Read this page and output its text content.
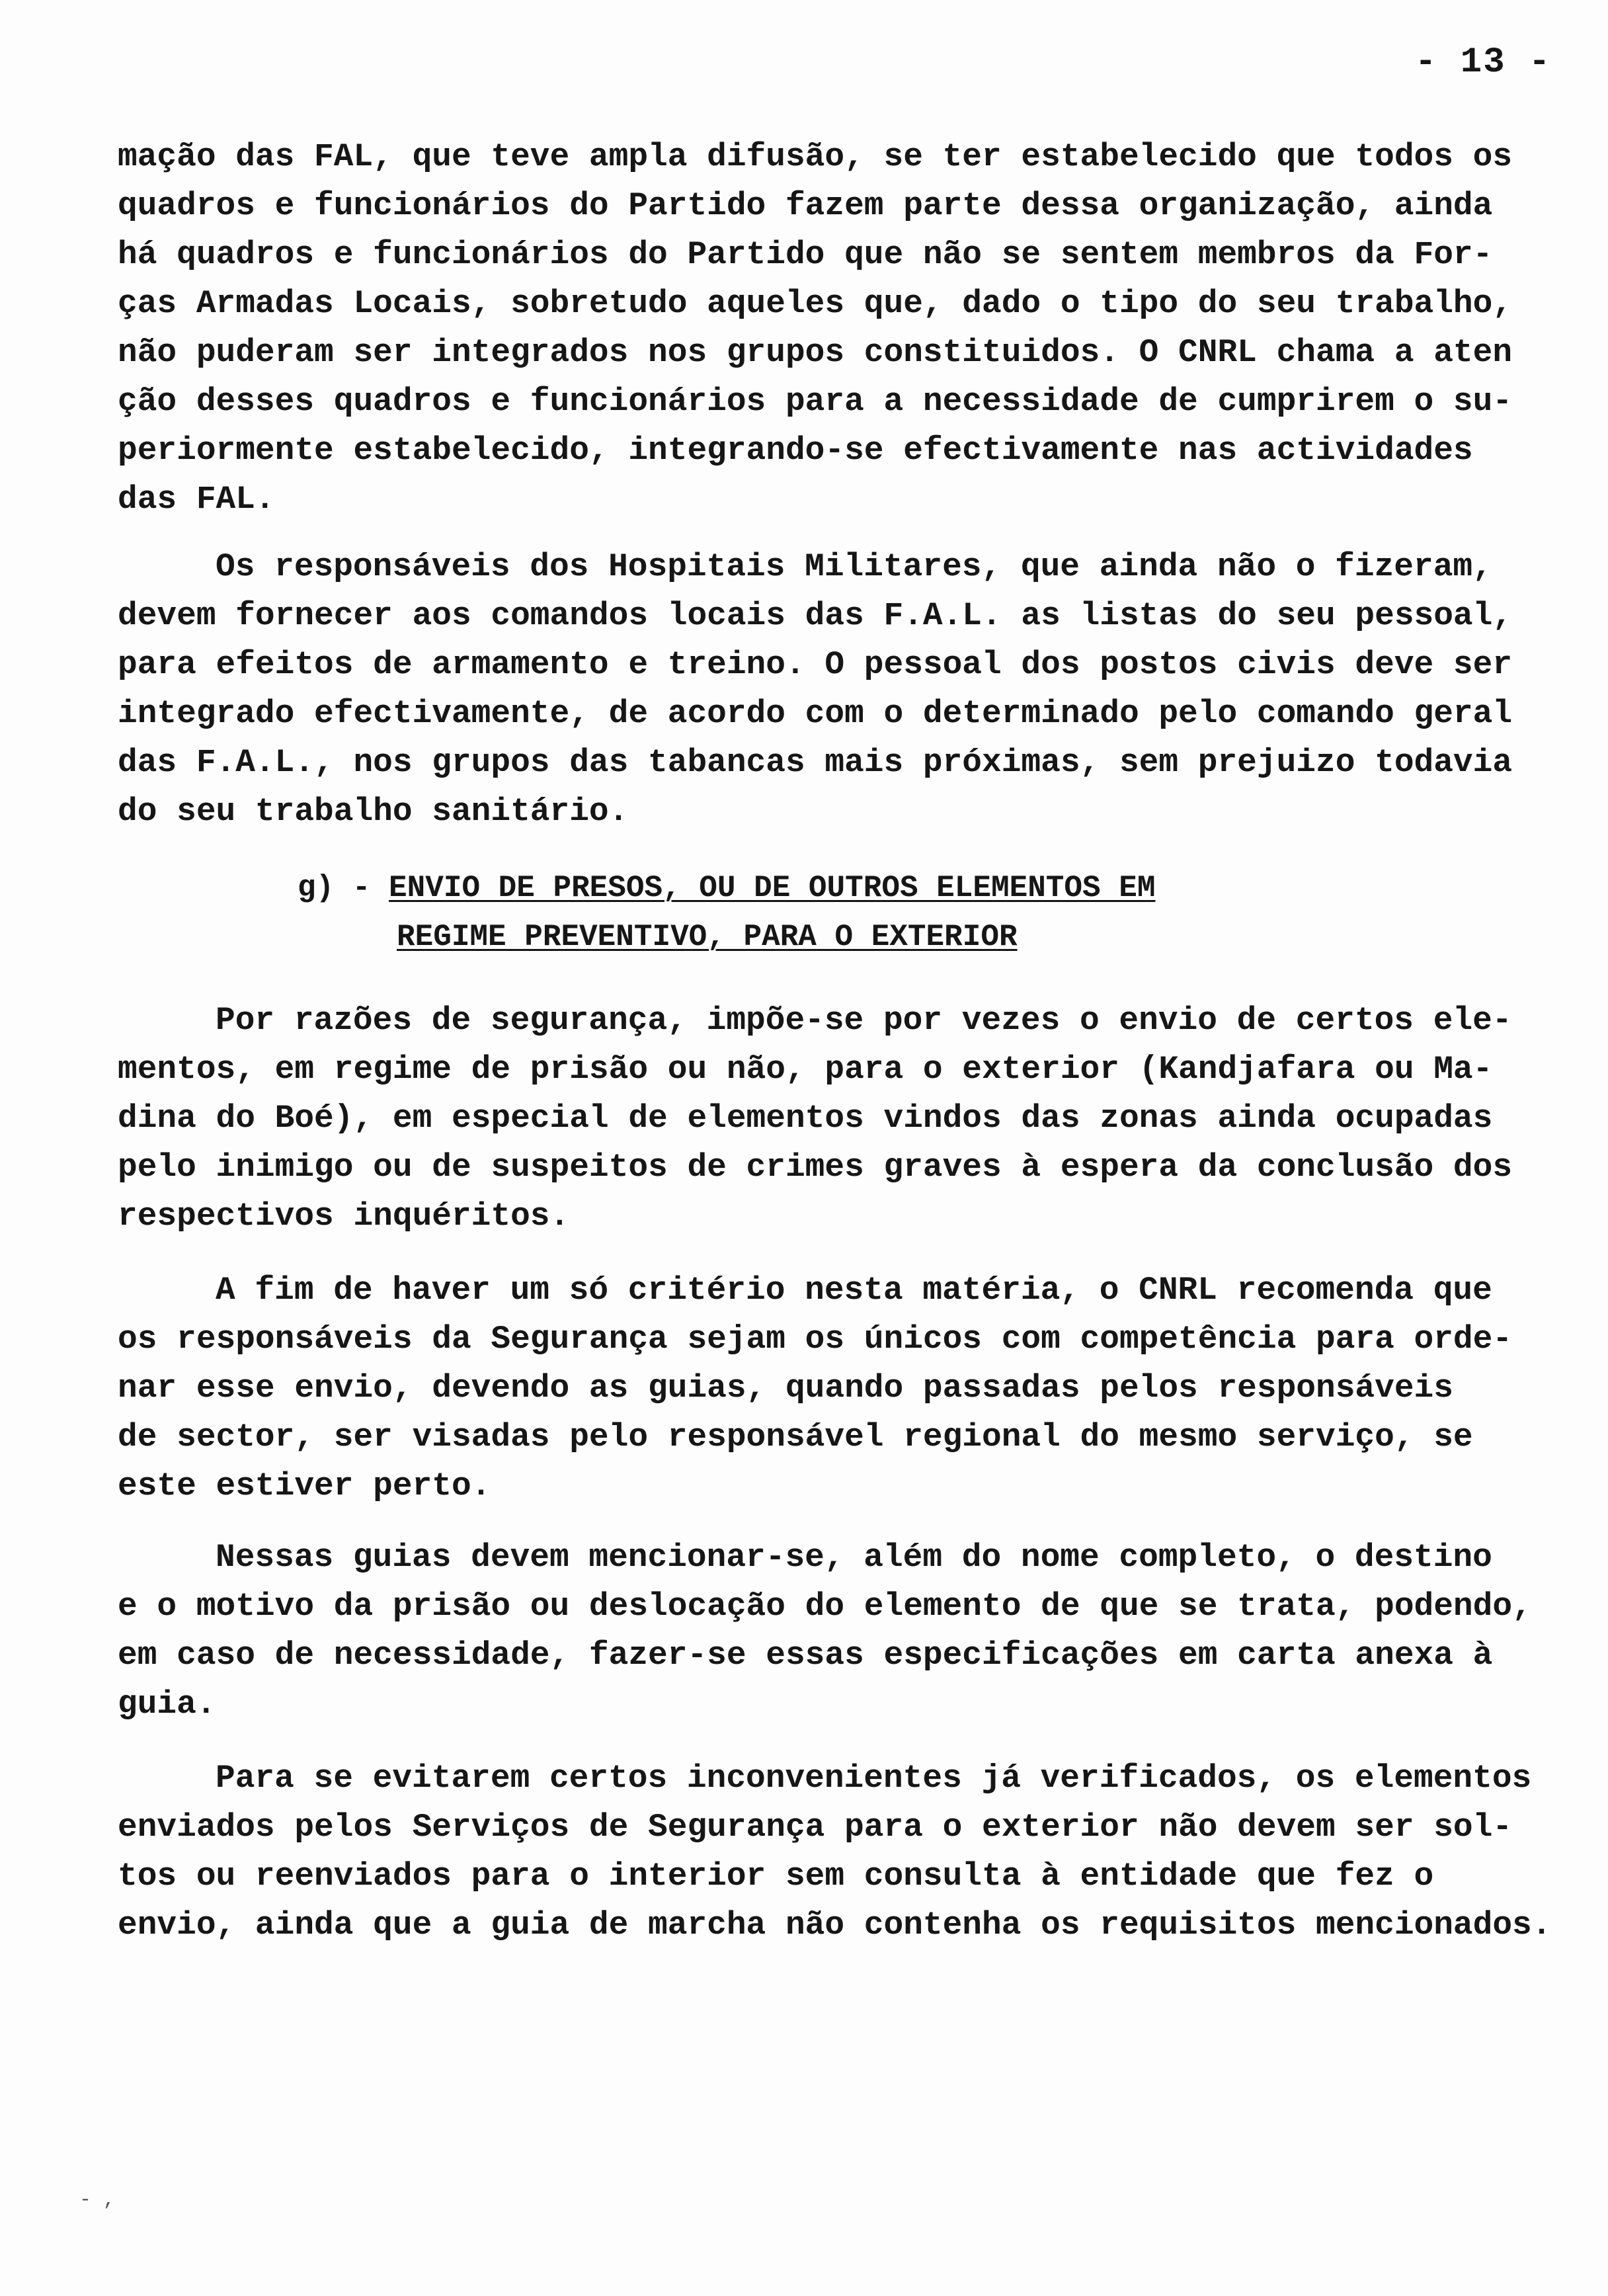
- 13 -
mação das FAL, que teve ampla difusão, se ter estabelecido que todos os
quadros e funcionários do Partido fazem parte dessa organização, ainda
há quadros e funcionários do Partido que não se sentem membros da For-
ças Armadas Locais, sobretudo aqueles que, dado o tipo do seu trabalho,
não puderam ser integrados nos grupos constituidos. O CNRL chama a aten
ção desses quadros e funcionários para a necessidade de cumprirem o su-
periormente estabelecido, integrando-se efectivamente nas actividades
das FAL.
Os responsáveis dos Hospitais Militares, que ainda não o fizeram,
devem fornecer aos comandos locais das F.A.L. as listas do seu pessoal,
para efeitos de armamento e treino. O pessoal dos postos civis deve ser
integrado efectivamente, de acordo com o determinado pelo comando geral
das F.A.L., nos grupos das tabancas mais próximas, sem prejuizo todavia
do seu trabalho sanitário.
g) - ENVIO DE PRESOS, OU DE OUTROS ELEMENTOS EM
REGIME PREVENTIVO, PARA O EXTERIOR
Por razões de segurança, impõe-se por vezes o envio de certos ele-
mentos, em regime de prisão ou não, para o exterior (Kandjafara ou Ma-
dina do Boé), em especial de elementos vindos das zonas ainda ocupadas
pelo inimigo ou de suspeitos de crimes graves à espera da conclusão dos
respectivos inquéritos.
A fim de haver um só critério nesta matéria, o CNRL recomenda que
os responsáveis da Segurança sejam os únicos com competência para orde-
nar esse envio, devendo as guias, quando passadas pelos responsáveis
de sector, ser visadas pelo responsável regional do mesmo serviço, se
este estiver perto.
Nessas guias devem mencionar-se, além do nome completo, o destino
e o motivo da prisão ou deslocação do elemento de que se trata, podendo,
em caso de necessidade, fazer-se essas especificações em carta anexa à
guia.
Para se evitarem certos inconvenientes já verificados, os elementos
enviados pelos Serviços de Segurança para o exterior não devem ser sol-
tos ou reenviados para o interior sem consulta à entidade que fez o
envio, ainda que a guia de marcha não contenha os requisitos mencionados.
- ,
